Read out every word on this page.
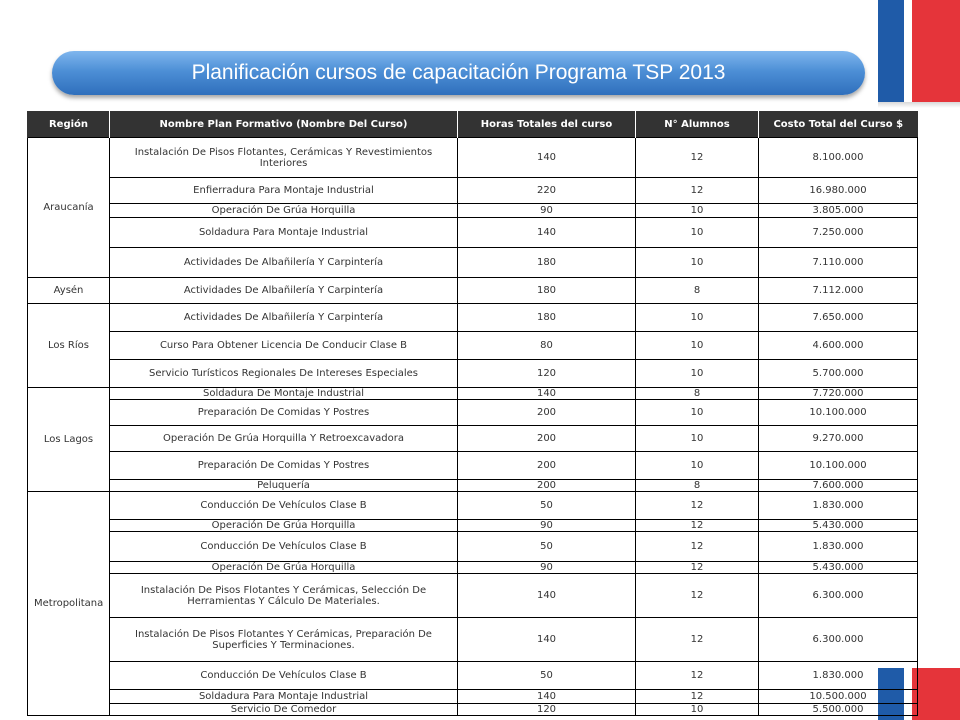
Planificación cursos de capacitación Programa TSP 2013
Región	Nombre Plan Formativo (Nombre Del Curso)	Horas Totales del curso	N° Alumnos	Costo Total del Curso $
Araucanía	Instalación De Pisos Flotantes, Cerámicas Y Revestimientos Interiores	140	12	8.100.000
	Enfierradura Para Montaje Industrial	220	12	16.980.000
	Operación De Grúa Horquilla	90	10	3.805.000
	Soldadura Para Montaje Industrial	140	10	7.250.000
	Actividades De Albañilería Y Carpintería	180	10	7.110.000
Aysén	Actividades De Albañilería Y Carpintería	180	8	7.112.000
Los Ríos	Actividades De Albañilería Y Carpintería	180	10	7.650.000
	Curso Para Obtener Licencia De Conducir Clase B	80	10	4.600.000
	Servicio Turísticos Regionales De Intereses Especiales	120	10	5.700.000
Los Lagos	Soldadura De Montaje Industrial	140	8	7.720.000
	Preparación De Comidas Y Postres	200	10	10.100.000
	Operación De Grúa Horquilla Y Retroexcavadora	200	10	9.270.000
	Preparación De Comidas Y Postres	200	10	10.100.000
	Peluquería	200	8	7.600.000
Metropolitana	Conducción De Vehículos Clase B	50	12	1.830.000
	Operación De Grúa Horquilla	90	12	5.430.000
	Conducción De Vehículos Clase B	50	12	1.830.000
	Operación De Grúa Horquilla	90	12	5.430.000
	Instalación De Pisos Flotantes Y Cerámicas, Selección De Herramientas Y Cálculo De Materiales.	140	12	6.300.000
	Instalación De Pisos Flotantes Y Cerámicas, Preparación De Superficies Y Terminaciones.	140	12	6.300.000
	Conducción De Vehículos Clase B	50	12	1.830.000
	Soldadura Para Montaje Industrial	140	12	10.500.000
	Servicio De Comedor	120	10	5.500.000
